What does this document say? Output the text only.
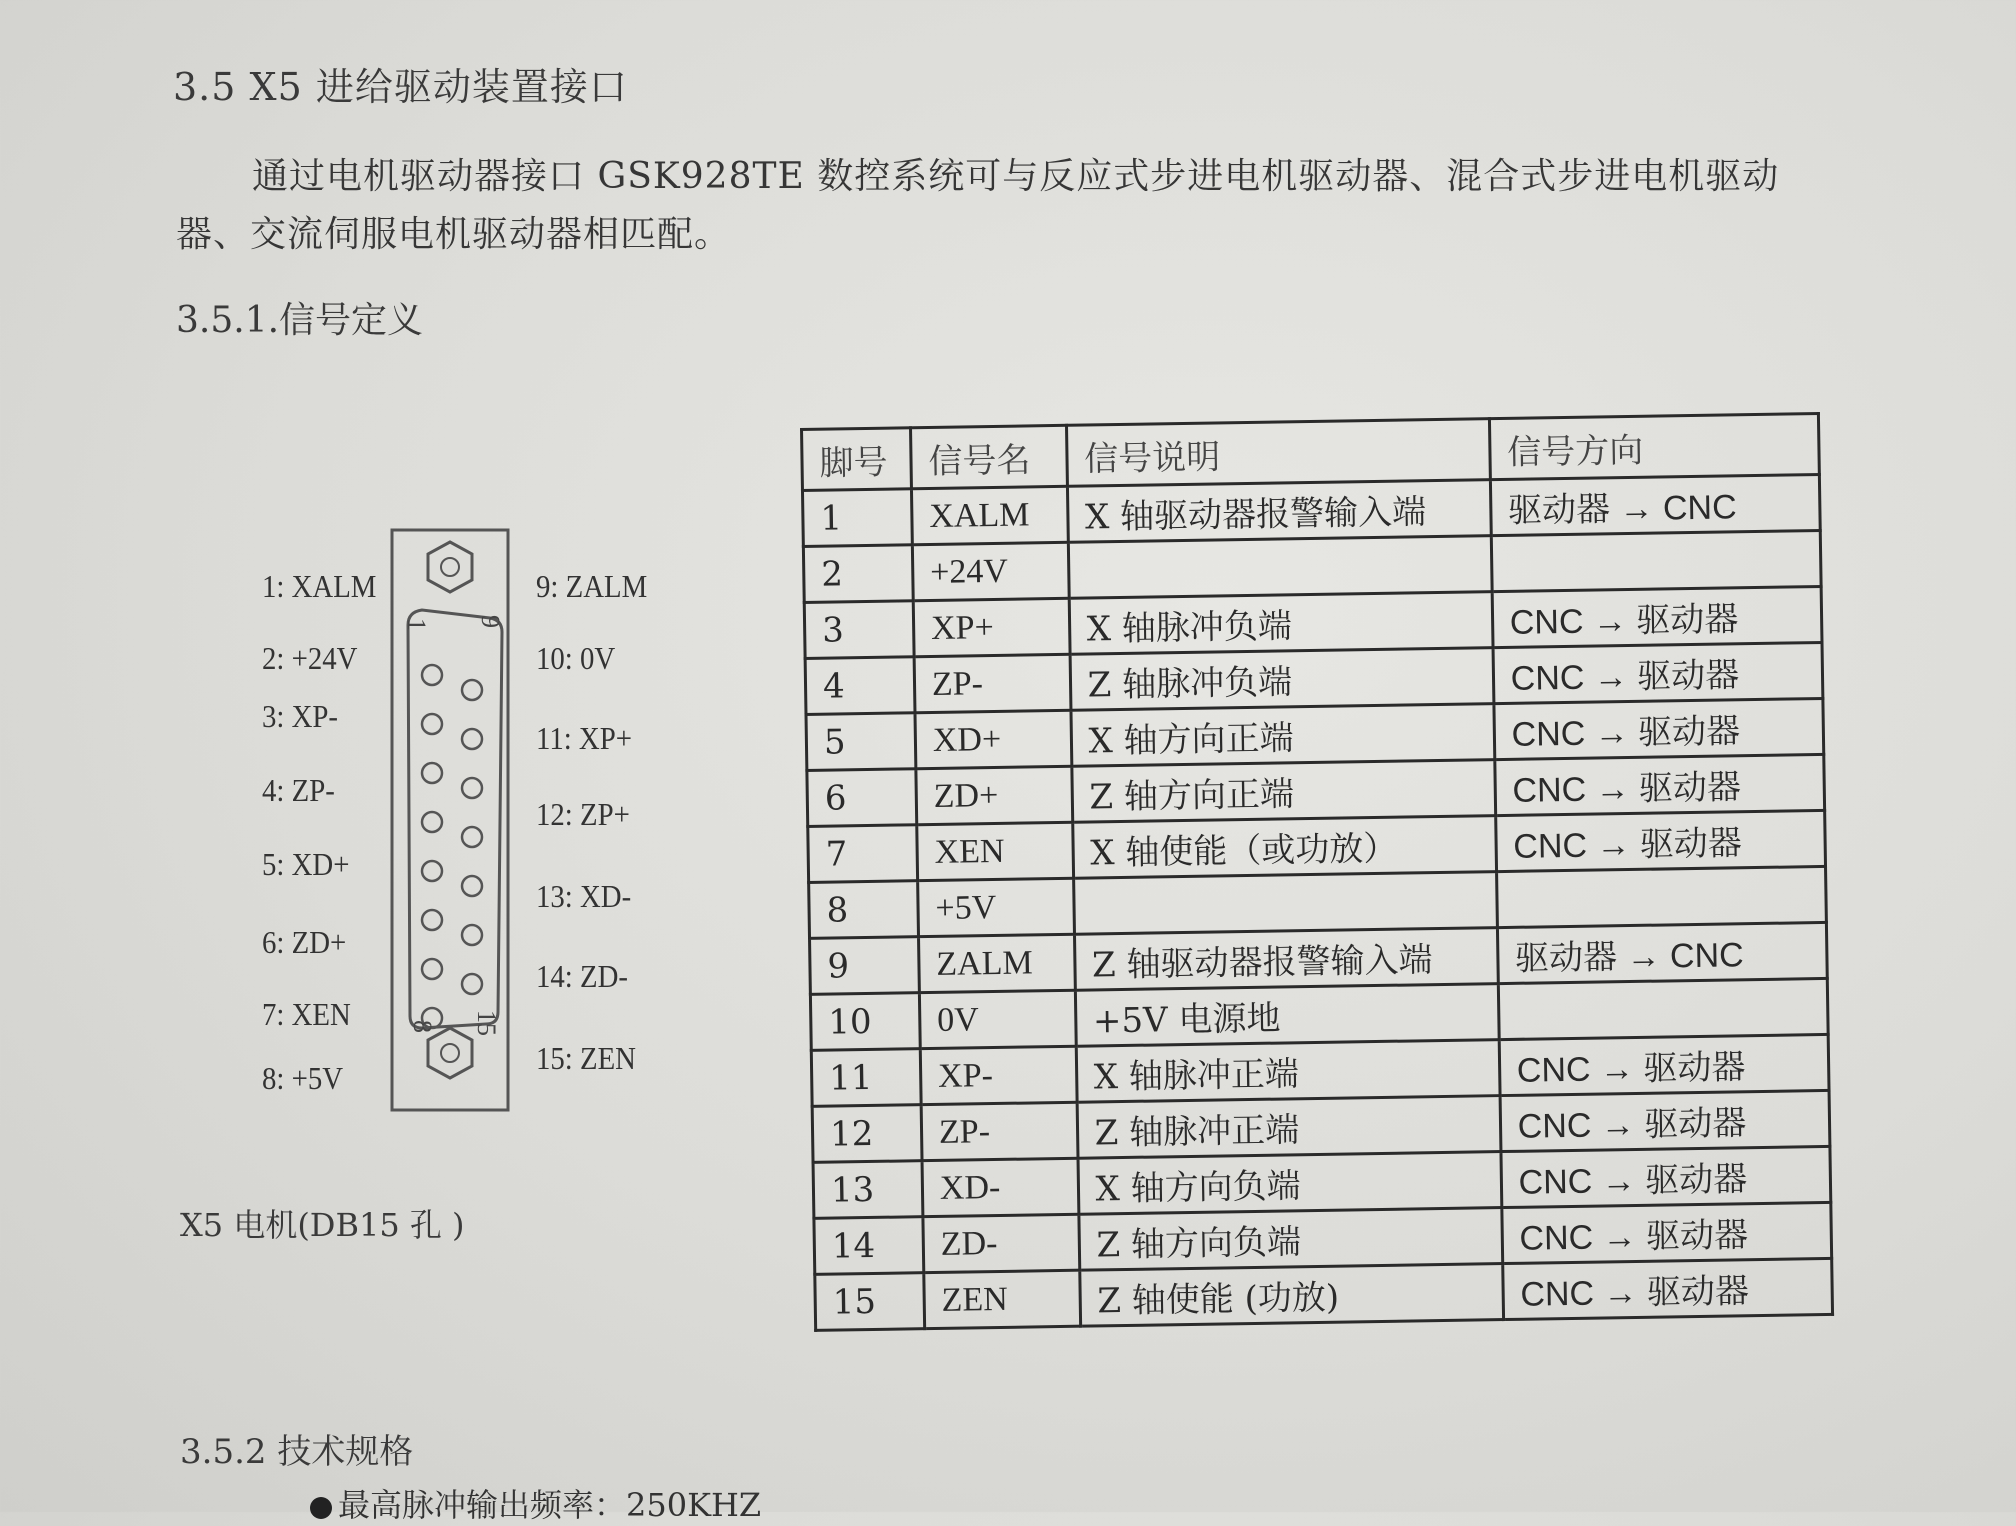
3.5 X5 进给驱动装置接口
通过电机驱动器接口 GSK928TE 数控系统可与反应式步进电机驱动器、混合式步进电机驱动
器、交流伺服电机驱动器相匹配。
3.5.1.信号定义
1 9
8 15
1: XALM
2: +24V
3: XP-
4: ZP-
5: XD+
6: ZD+
7: XEN
8: +5V
9: ZALM
10: 0V
11: XP+
12: ZP+
13: XD-
14: ZD-
15: ZEN
X5 电机(DB15 孔 )
脚号	信号名	信号说明	信号方向
1	XALM	X 轴驱动器报警输入端	驱动器 → CNC
2	+24V		
3	XP+	X 轴脉冲负端	CNC → 驱动器
4	ZP-	Z 轴脉冲负端	CNC → 驱动器
5	XD+	X 轴方向正端	CNC → 驱动器
6	ZD+	Z 轴方向正端	CNC → 驱动器
7	XEN	X 轴使能（或功放）	CNC → 驱动器
8	+5V		
9	ZALM	Z 轴驱动器报警输入端	驱动器 → CNC
10	0V	+5V 电源地	
11	XP-	X 轴脉冲正端	CNC → 驱动器
12	ZP-	Z 轴脉冲正端	CNC → 驱动器
13	XD-	X 轴方向负端	CNC → 驱动器
14	ZD-	Z 轴方向负端	CNC → 驱动器
15	ZEN	Z 轴使能 (功放)	CNC → 驱动器
3.5.2 技术规格
最高脉冲输出频率：250KHZ
